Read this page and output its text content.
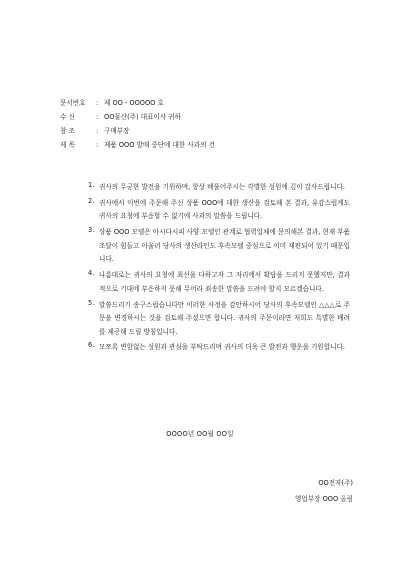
문서번호	: 제 OO - OOOOO 호
수 신	: OO물산(주) 대표이사 귀하
참 조	: 구매부장
제 목	: 제품 OOO 발매 중단에 대한 사과의 건
1. 귀사의 무궁한 발전을 기원하며, 항상 베풀어주시는 각별한 성원에 깊이 감사드립니다.
2. 귀사에서 이번에 주문해 주신 상품 OOO에 대한 생산을 검토해 본 결과, 유감스럽게도 귀사의 요청에 부응할 수 없기에 사과의 말씀을 드립니다.
3. 상품 OOO 모델은 아시다시피 사양 모델인 관계로 협력업체에 문의해본 결과, 현재 부품 조달이 힘들고 아울러 당사의 생산라인도 후속모델 중심으로 이미 재편되어 있기 때문입니다.
4. 나름대로는 귀사의 요청에 최선을 다하고자 그 자리에서 확답을 드리지 못했지만, 결과적으로 기대에 부응하지 못해 무어라 죄송한 말씀을 드려야 할지 모르겠습니다.
5. 말씀드리기 송구스럽습니다만 이러한 사정을 감안하시어 당사의 후속모델인 △△△로 주문을 변경하시는 것을 검토해 주셨으면 합니다. 귀사의 주문이라면 저희도 특별한 배려를 제공해 드릴 방침입니다.
6. 모쪼록 변함없는 성원과 관심을 부탁드리며 귀사의 더욱 큰 발전과 행운을 기원합니다.
OOOO년 OO월 OO일
OO전자(주)
영업부장 OOO 올림
